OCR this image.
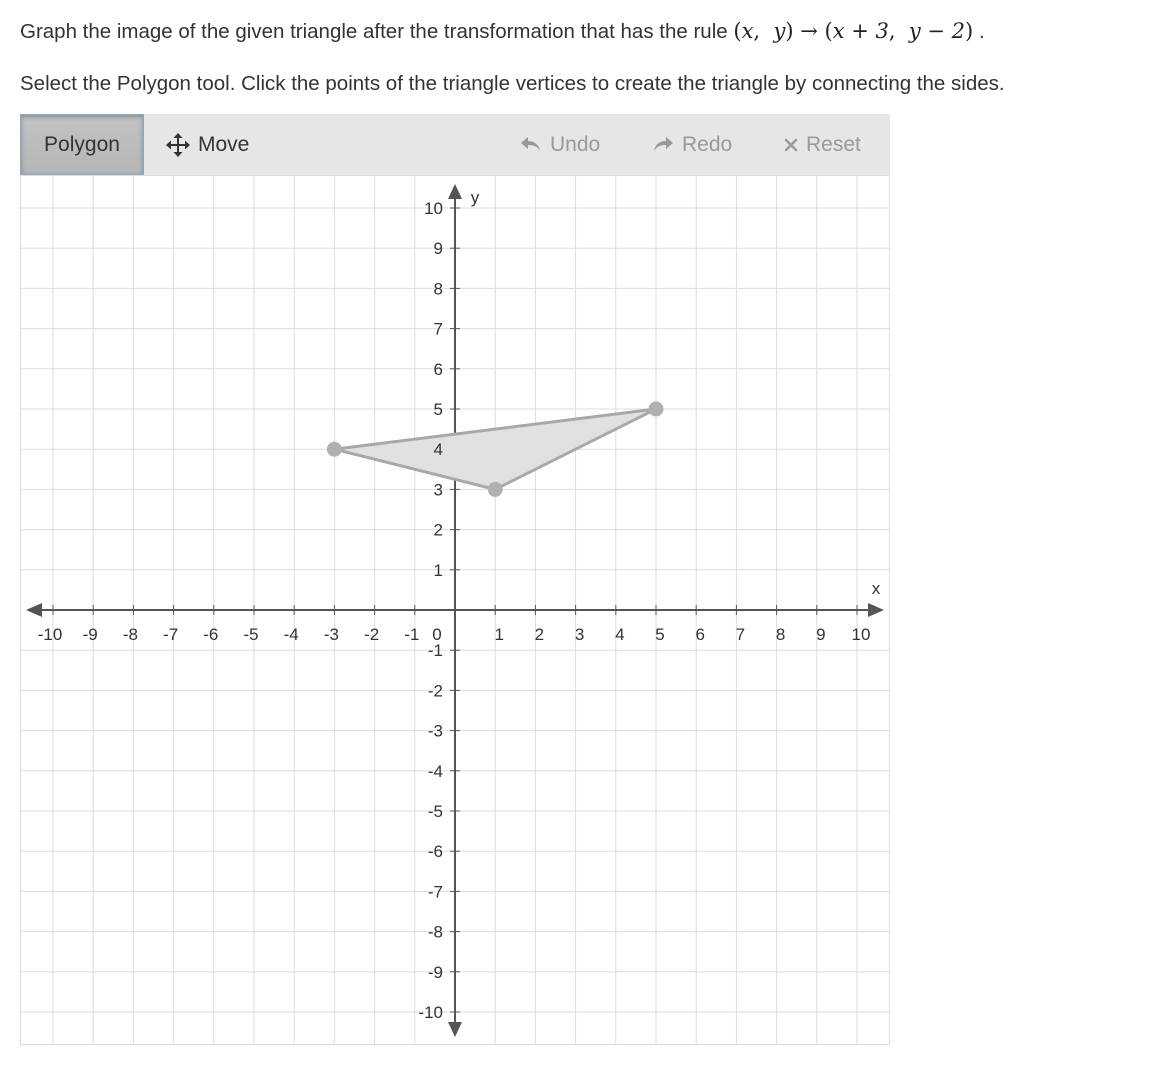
Graph the image of the given triangle after the transformation that has the rule (x,  y) → (x + 3,  y − 2) .
Select the Polygon tool. Click the points of the triangle vertices to create the triangle by connecting the sides.
Polygon	Move	Undo	Redo	Reset
-10 -9 -8 -7 -6 -5 -4 -3 -2 -1	1 2 3 4 5 6 7 8 9 10
10
9
8
7
6
5
4
3
2
1
-1
-2
-3
-4
-5
-6
-7
-8
-9
-10
x
y
0
